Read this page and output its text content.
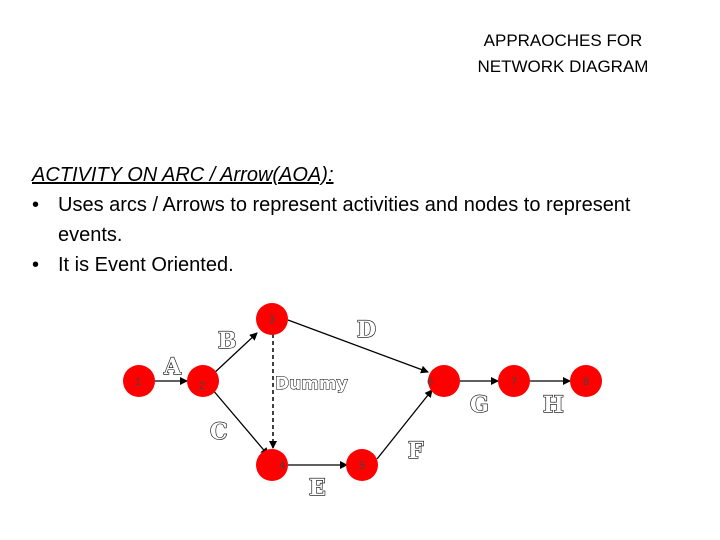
APPRAOCHES FOR
NETWORK DIAGRAM
ACTIVITY ON ARC / Arrow(AOA):
• Uses arcs / Arrows to represent activities and nodes to represent events.
• It is Event Oriented.
1	2
3
4	5
6	7	8
A
B
C
D
E
F
G H
Dummy
